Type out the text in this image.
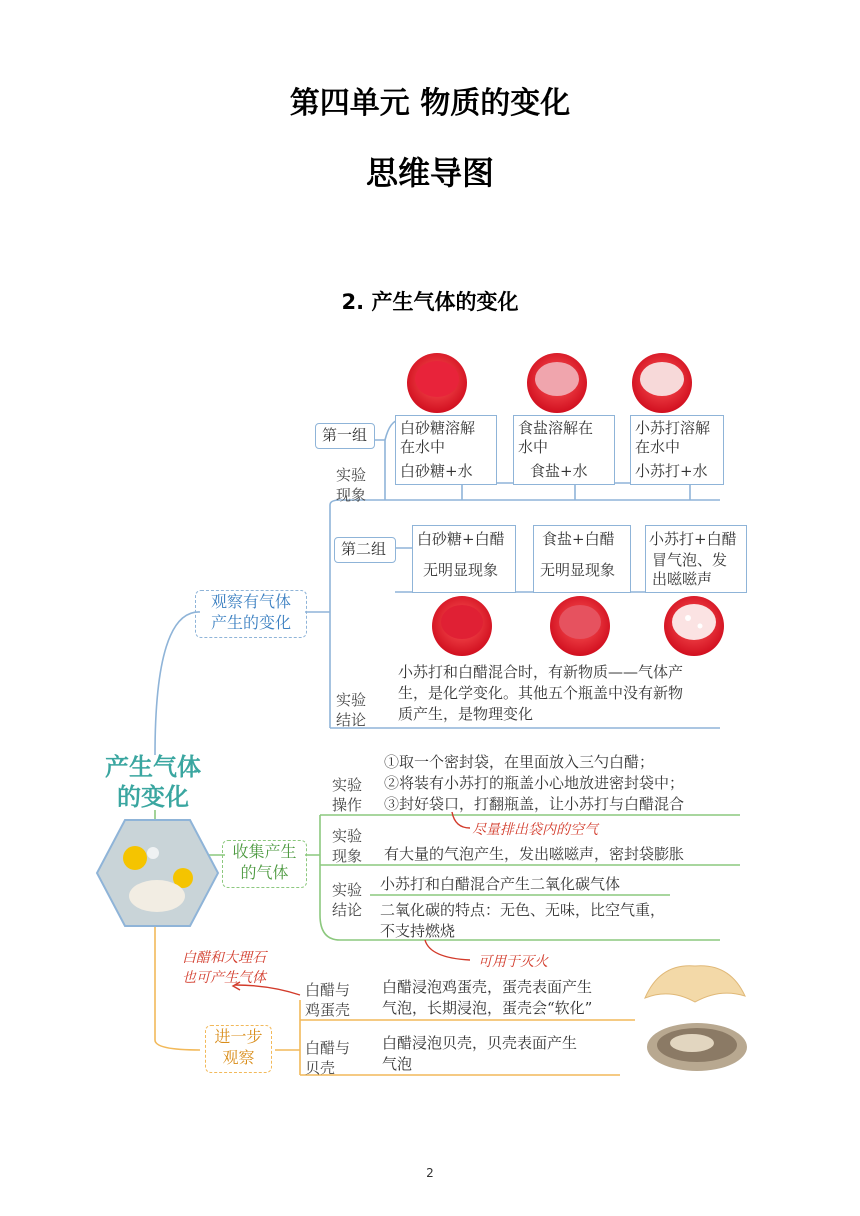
第四单元 物质的变化
思维导图
2. 产生气体的变化
产生气体
的变化
观察有气体
产生的变化
实验
现象
第一组 白砂糖溶解
在水中
白砂糖+水
食盐溶解在
水中
食盐+水
小苏打溶解
在水中
小苏打+水
第二组
白砂糖+白醋
无明显现象
食盐+白醋
无明显现象
小苏打+白醋
冒气泡、发
出嗞嗞声
实验
结论
小苏打和白醋混合时，有新物质——气体产
生，是化学变化。其他五个瓶盖中没有新物
质产生，是物理变化
收集产生
的气体
实验
操作
①取一个密封袋，在里面放入三勺白醋；
②将装有小苏打的瓶盖小心地放进密封袋中；
③封好袋口，打翻瓶盖，让小苏打与白醋混合
尽量排出袋内的空气
实验
现象 有大量的气泡产生，发出嗞嗞声，密封袋膨胀
实验
结论
小苏打和白醋混合产生二氧化碳气体
二氧化碳的特点：无色、无味，比空气重，
不支持燃烧
可用于灭火
进一步
观察
白醋和大理石
也可产生气体
白醋与
鸡蛋壳
白醋浸泡鸡蛋壳，蛋壳表面产生
气泡，长期浸泡，蛋壳会“软化”
白醋与
贝壳
白醋浸泡贝壳，贝壳表面产生
气泡
2
